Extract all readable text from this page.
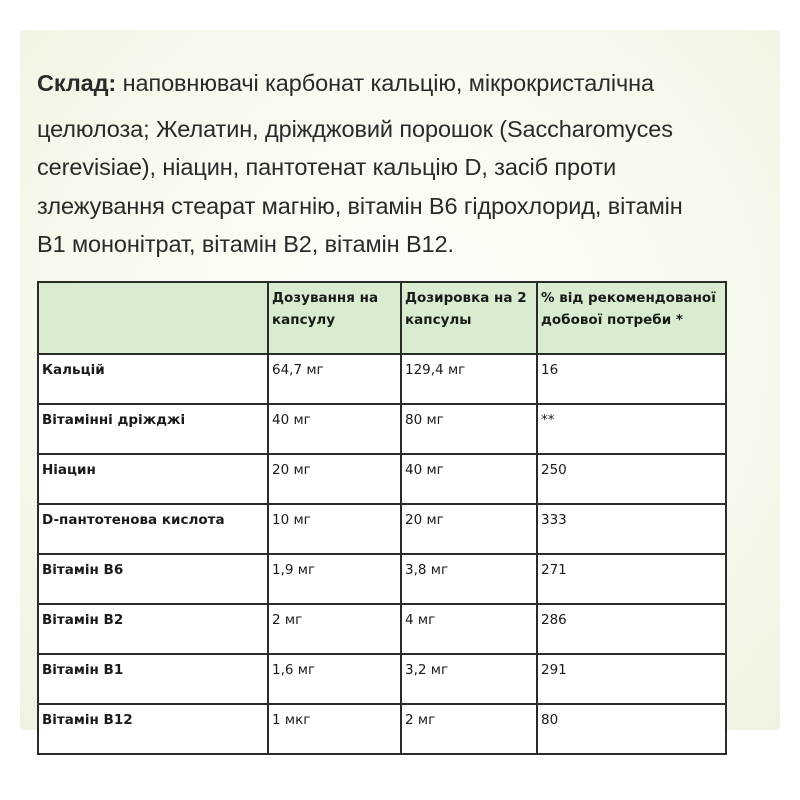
Склад: наповнювачі карбонат кальцію, мікрокристалічна
целюлоза; Желатин, дріжджовий порошок (Saccharomyces
cerevisiae), ніацин, пантотенат кальцію D, засіб проти
злежування стеарат магнію, вітамін B6 гідрохлорид, вітамін
B1 мононітрат, вітамін B2, вітамін B12.
	Дозування на капсулу	Дозировка на 2 капсулы	% від рекомендованої добової потреби *
Кальцій	64,7 мг	129,4 мг	16
Вітамінні дріжджі	40 мг	80 мг	**
Ніацин	20 мг	40 мг	250
D-пантотенова кислота	10 мг	20 мг	333
Вітамін В6	1,9 мг	3,8 мг	271
Вітамін В2	2 мг	4 мг	286
Вітамін В1	1,6 мг	3,2 мг	291
Вітамін В12	1 мкг	2 мг	80
